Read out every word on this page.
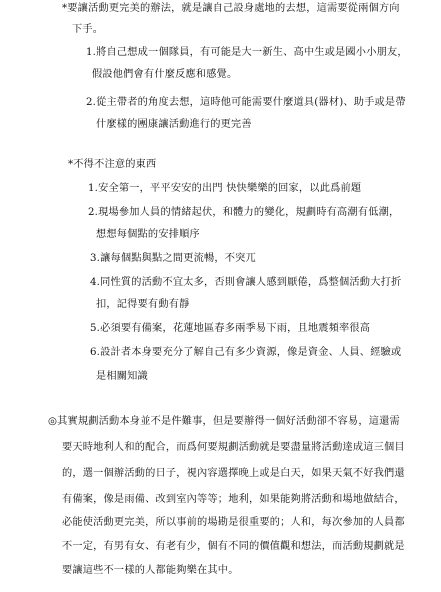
*要讓活動更完美的辦法，就是讓自己設身處地的去想，這需要從兩個方向
下手。
1.將自己想成一個隊員，有可能是大一新生、高中生或是國小小朋友，
假設他們會有什麼反應和感覺。
2.從主帶者的角度去想，這時他可能需要什麼道具(器材)、助手或是帶
什麼樣的團康讓活動進行的更完善
*不得不注意的東西
1.安全第一，平平安安的出門 快快樂樂的回家，以此爲前題
2.現場參加人員的情緒起伏，和體力的變化，規劃時有高潮有低潮，
想想每個點的安排順序
3.讓每個點與點之間更流暢，不突兀
4.同性質的活動不宜太多，否則會讓人感到厭倦，爲整個活動大打折
扣，記得要有動有靜
5.必須要有備案，花蓮地區春多兩季易下雨，且地震頻率很高
6.設計者本身要充分了解自己有多少資源，像是資金、人員、經驗或
是相關知識
◎其實規劃活動本身並不是件難事，但是要辦得一個好活動卻不容易，這還需
要天時地利人和的配合，而爲何要規劃活動就是要盡量將活動達成這三個目
的，選一個辦活動的日子，視內容選擇晚上或是白天，如果天氣不好我們還
有備案，像是雨備、改到室內等等；地利，如果能夠將活動和場地做結合，
必能使活動更完美，所以事前的場勘是很重要的；人和，每次參加的人員都
不一定，有男有女、有老有少，個有不同的價值觀和想法，而活動規劃就是
要讓這些不一樣的人都能夠樂在其中。
